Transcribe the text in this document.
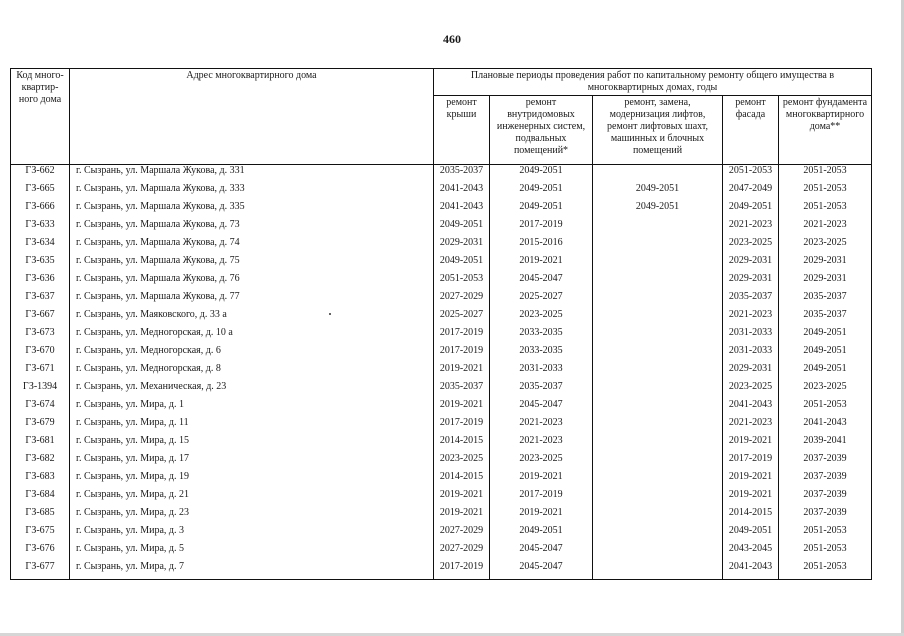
460
Код много- квартир- ного дома	Адрес многоквартирного дома	Плановые периоды проведения работ по капитальному ремонту общего имущества в многоквартирных домах, годы				
		ремонт крыши	ремонт внутридомовых инженерных систем, подвальных помещений*	ремонт, замена, модернизация лифтов, ремонт лифтовых шахт, машинных и блочных помещений	ремонт фасада	ремонт фундамента многоквартирного дома**
ГЗ-662	г. Сызрань, ул. Маршала Жукова, д. 331	2035-2037	2049-2051		2051-2053	2051-2053
ГЗ-665	г. Сызрань, ул. Маршала Жукова, д. 333	2041-2043	2049-2051	2049-2051	2047-2049	2051-2053
ГЗ-666	г. Сызрань, ул. Маршала Жукова, д. 335	2041-2043	2049-2051	2049-2051	2049-2051	2051-2053
ГЗ-633	г. Сызрань, ул. Маршала Жукова, д. 73	2049-2051	2017-2019		2021-2023	2021-2023
ГЗ-634	г. Сызрань, ул. Маршала Жукова, д. 74	2029-2031	2015-2016		2023-2025	2023-2025
ГЗ-635	г. Сызрань, ул. Маршала Жукова, д. 75	2049-2051	2019-2021		2029-2031	2029-2031
ГЗ-636	г. Сызрань, ул. Маршала Жукова, д. 76	2051-2053	2045-2047		2029-2031	2029-2031
ГЗ-637	г. Сызрань, ул. Маршала Жукова, д. 77	2027-2029	2025-2027		2035-2037	2035-2037
ГЗ-667	г. Сызрань, ул. Маяковского, д. 33 а	2025-2027	2023-2025		2021-2023	2035-2037
ГЗ-673	г. Сызрань, ул. Медногорская, д. 10 а	2017-2019	2033-2035		2031-2033	2049-2051
ГЗ-670	г. Сызрань, ул. Медногорская, д. 6	2017-2019	2033-2035		2031-2033	2049-2051
ГЗ-671	г. Сызрань, ул. Медногорская, д. 8	2019-2021	2031-2033		2029-2031	2049-2051
ГЗ-1394	г. Сызрань, ул. Механическая, д. 23	2035-2037	2035-2037		2023-2025	2023-2025
ГЗ-674	г. Сызрань, ул. Мира, д. 1	2019-2021	2045-2047		2041-2043	2051-2053
ГЗ-679	г. Сызрань, ул. Мира, д. 11	2017-2019	2021-2023		2021-2023	2041-2043
ГЗ-681	г. Сызрань, ул. Мира, д. 15	2014-2015	2021-2023		2019-2021	2039-2041
ГЗ-682	г. Сызрань, ул. Мира, д. 17	2023-2025	2023-2025		2017-2019	2037-2039
ГЗ-683	г. Сызрань, ул. Мира, д. 19	2014-2015	2019-2021		2019-2021	2037-2039
ГЗ-684	г. Сызрань, ул. Мира, д. 21	2019-2021	2017-2019		2019-2021	2037-2039
ГЗ-685	г. Сызрань, ул. Мира, д. 23	2019-2021	2019-2021		2014-2015	2037-2039
ГЗ-675	г. Сызрань, ул. Мира, д. 3	2027-2029	2049-2051		2049-2051	2051-2053
ГЗ-676	г. Сызрань, ул. Мира, д. 5	2027-2029	2045-2047		2043-2045	2051-2053
ГЗ-677	г. Сызрань, ул. Мира, д. 7	2017-2019	2045-2047		2041-2043	2051-2053
